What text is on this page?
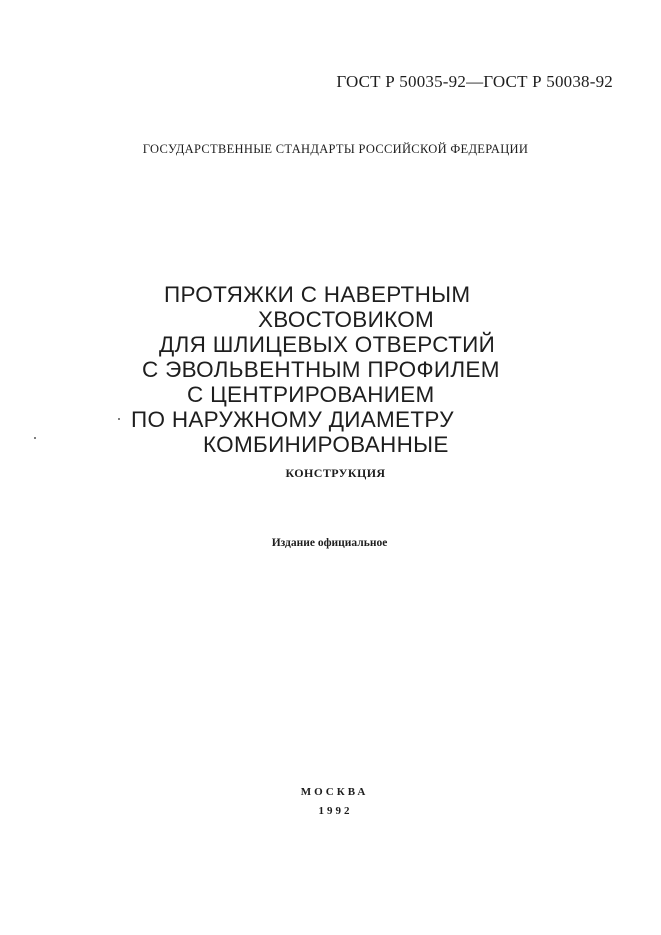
ГОСТ Р 50035-92—ГОСТ Р 50038-92
ГОСУДАРСТВЕННЫЕ СТАНДАРТЫ РОССИЙСКОЙ ФЕДЕРАЦИИ
ПРОТЯЖКИ С НАВЕРТНЫМ
ХВОСТОВИКОМ
ДЛЯ ШЛИЦЕВЫХ ОТВЕРСТИЙ
С ЭВОЛЬВЕНТНЫМ ПРОФИЛЕМ
С ЦЕНТРИРОВАНИЕМ
ПО НАРУЖНОМУ ДИАМЕТРУ
КОМБИНИРОВАННЫЕ
КОНСТРУКЦИЯ
Издание официальное
МОСКВА
1992
